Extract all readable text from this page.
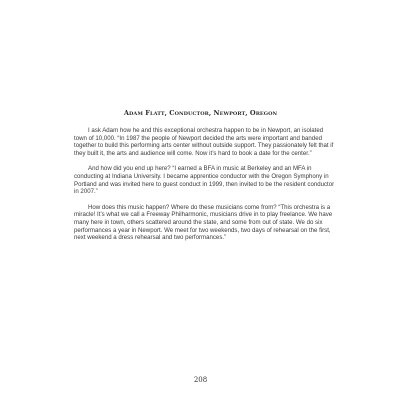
Adam Flatt, Conductor, Newport, Oregon

I ask Adam how he and this exceptional orchestra happen to be in Newport, an isolated town of 10,000. “In 1987 the people of Newport decided the arts were important and banded together to build this performing arts center without outside support. They passionately felt that if they built it, the arts and audience will come. Now it’s hard to book a date for the center.”

And how did you end up here? “I earned a BFA in music at Berkeley and an MFA in conducting at Indiana University. I became apprentice conductor with the Oregon Symphony in Portland and was invited here to guest conduct in 1999, then invited to be the resident conductor in 2007.”

How does this music happen? Where do these musicians come from? “This orchestra is a miracle! It’s what we call a Freeway Philharmonic, musicians drive in to play freelance. We have many here in town, others scattered around the state, and some from out of state. We do six performances a year in Newport. We meet for two weekends, two days of rehearsal on the first, next weekend a dress rehearsal and two performances.”

208
